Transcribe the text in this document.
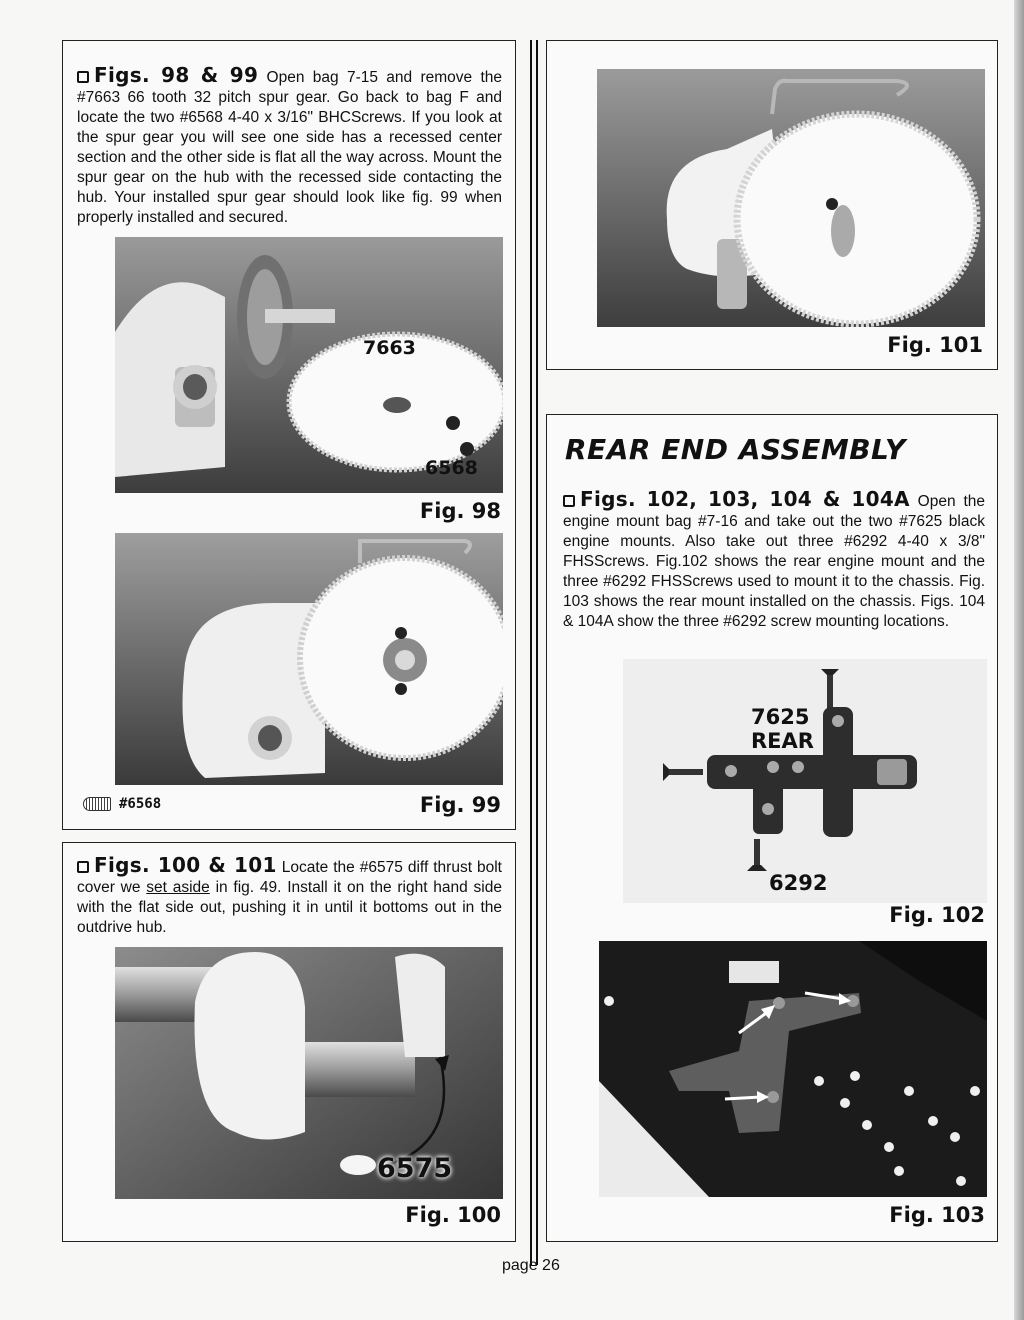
Figs. 98 & 99 Open bag 7-15 and remove the #7663 66 tooth 32 pitch spur gear. Go back to bag F and locate the two #6568 4-40 x 3/16" BHCScrews. If you look at the spur gear you will see one side has a recessed center section and the other side is flat all the way across. Mount the spur gear on the hub with the recessed side contacting the hub. Your installed spur gear should look like fig. 99 when properly installed and secured.

7663
6568
Fig. 98
#6568	Fig. 99

Figs. 100 & 101 Locate the #6575 diff thrust bolt cover we set aside in fig. 49. Install it on the right hand side with the flat side out, pushing it in until it bottoms out in the outdrive hub.

6575
Fig. 100
Fig. 101
REAR END ASSEMBLY

Figs. 102, 103, 104 & 104A Open the engine mount bag #7-16 and take out the two #7625 black engine mounts. Also take out three #6292 4-40 x 3/8" FHSScrews. Fig.102 shows the rear engine mount and the three #6292 FHSScrews used to mount it to the chassis. Fig. 103 shows the rear mount installed on the chassis. Figs. 104 & 104A show the three #6292 screw mounting locations.

7625
REAR
6292
Fig. 102
Fig. 103
page 26
